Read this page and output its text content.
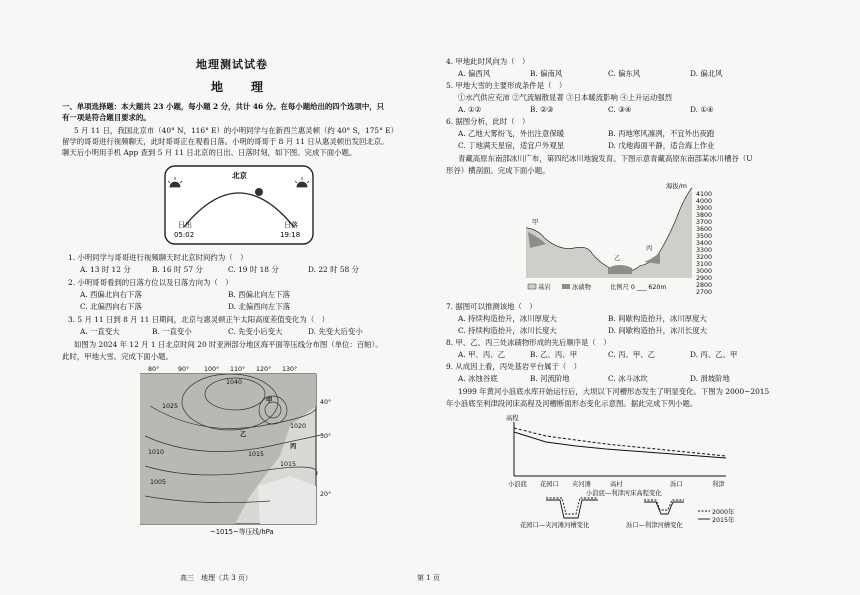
地理测试试卷
地　理
一、单项选择题：本大题共 23 小题，每小题 2 分，共计 46 分。在每小题给出的四个选项中，只
有一项是符合题目要求的。
5 月 11 日，我国北京市（40° N，116° E）的小明同学与在新西兰惠灵顿（约 40° S，175° E）
留学的哥哥进行视频聊天，此时哥哥正在观看日落。小明的哥哥于 8 月 11 日从惠灵顿出发回北京。
聊天后小明用手机 App 查到 5 月 11 日北京的日出、日落时刻，如下图。完成下面小题。
北京
日出
05:02
日落
19:18
1. 小明同学与哥哥进行视频聊天时北京时间约为（　）
A. 13 时 12 分	B. 16 时 57 分	C. 19 时 18 分	D. 22 时 58 分
2. 小明哥哥看到的日落方位以及日落方向为（　）
A. 西偏北向右下落	B. 西偏北向左下落
C. 北偏西向右下落	D. 北偏西向左下落
3. 5 月 11 日到 8 月 11 日期间，北京与惠灵顿正午太阳高度差值变化为（　）
A. 一直变大	B. 一直变小	C. 先变小后变大	D. 先变大后变小
如图为 2024 年 12 月 1 日北京时间 20 时亚洲部分地区海平面等压线分布图（单位：百帕）。
此时，甲地大雪。完成下面小题。
80°	90° 100° 110° 120° 130°
40°
30°
20°
1040
1025
1010
1005
1015
1020
1015
甲
乙
丙
~1015~等压线/hPa
高三　地理（共 3 页）	第 1 页
4. 甲地此时风向为（　）
A. 偏西风	B. 偏南风	C. 偏东风	D. 偏北风
5. 甲地大雪的主要形成条件是（　）
①水汽供应充沛 ②气流辐散显著 ③日本暖流影响 ④上升运动强烈
A. ①②	B. ②③	C. ③④	D. ①④
6. 据图分析，此时（　）
A. 乙地大雾纷飞，外出注意保暖	B. 丙地寒风凛冽，不宜外出夜跑
C. 丁地满天星宿，适宜户外观星	D. 戊地海面平静，适合海上作业
青藏高原东南部冰川广布，第四纪冰川地貌发育。下图示意青藏高原东南部某冰川槽谷（U
形谷）横剖面。完成下面小题。
甲
乙
丙
海拔/m
4100
4000
3900
3800
3700
3600
3500
3400
3300
3200
3100
3000
2900
2800
2700
基岩	冰碛物	比例尺 0 ___ 620m
7. 据图可以推测该地（　）
A. 持续构造抬升，冰川厚度大	B. 间歇构造抬升，冰川厚度大
C. 持续构造抬升，冰川长度大	D. 间歇构造抬升，冰川长度大
8. 甲、乙、丙三处冰碛物形成的先后顺序是（　）
A. 甲、丙、乙	B. 乙、丙、甲	C. 丙、甲、乙	D. 丙、乙、甲
9. 从成因上看，丙处基岩平台属于（　）
A. 冰蚀谷底	B. 河流阶地	C. 冰斗冰坎	D. 滑坡阶地
1999 年黄河小浪底水库开始运行后，大坝以下河槽形态发生了明显变化。下图为 2000~2015
年小浪底至利津段河床高程及河槽断面形态变化示意图。据此完成下列小题。
高程
小浪底 花园口 夹河滩	高村	泺口	利津
小浪底—利津河床高程变化
花园口—夹河滩河槽变化	泺口—利津河槽变化
2000年
2015年
